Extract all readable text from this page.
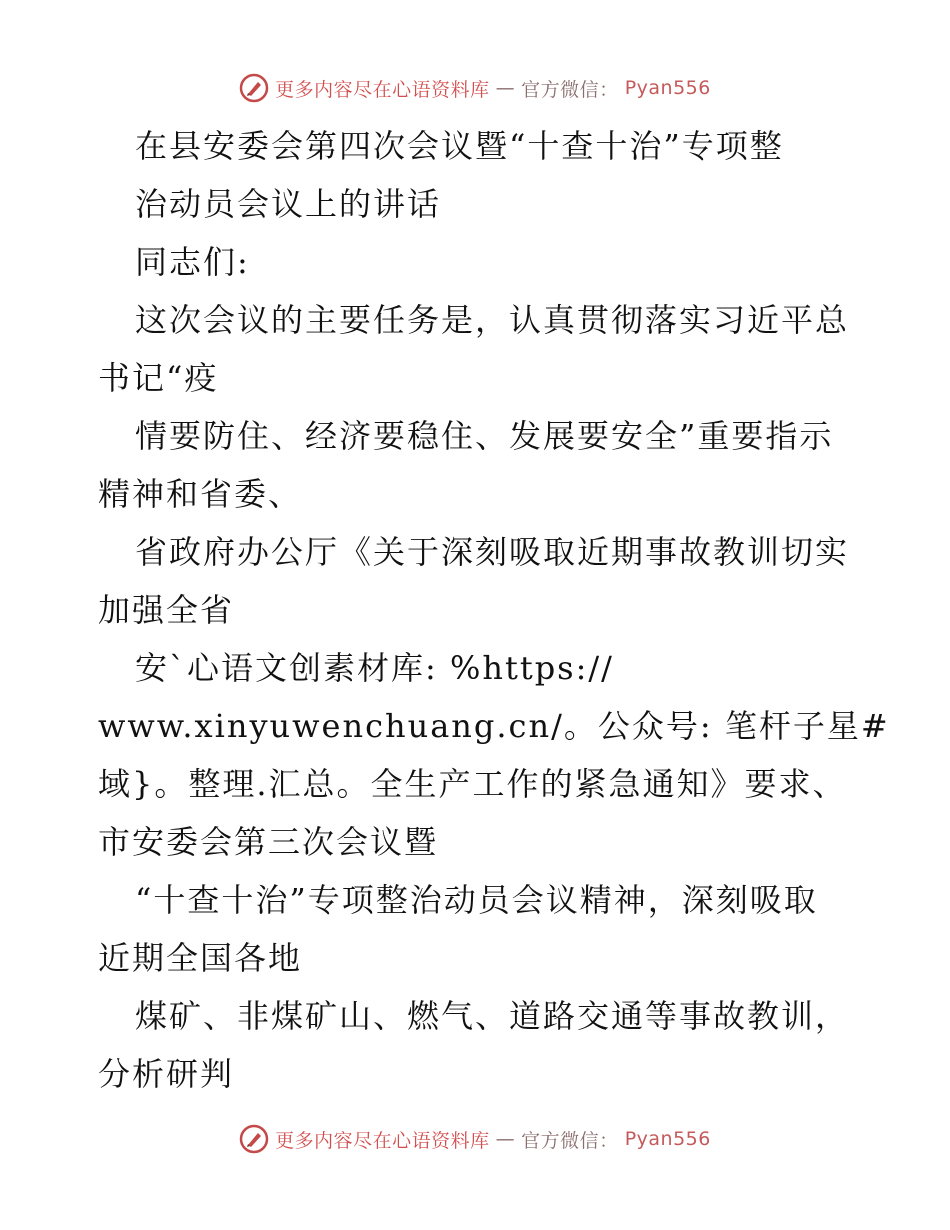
更多内容尽在心语资料库 — 官方微信： Pyan556
在县安委会第四次会议暨“十查十治”专项整
治动员会议上的讲话
同志们:
这次会议的主要任务是，认真贯彻落实习近平总
书记“疫
情要防住、经济要稳住、发展要安全”重要指示
精神和省委、
省政府办公厅《关于深刻吸取近期事故教训切实
加强全省
安`心语文创素材库: %https://
www.xinyuwenchuang.cn/。公众号: 笔杆子星#
域}。整理.汇总。全生产工作的紧急通知》要求、
市安委会第三次会议暨
“十查十治”专项整治动员会议精神，深刻吸取
近期全国各地
煤矿、非煤矿山、燃气、道路交通等事故教训，
分析研判
更多内容尽在心语资料库 — 官方微信： Pyan556
